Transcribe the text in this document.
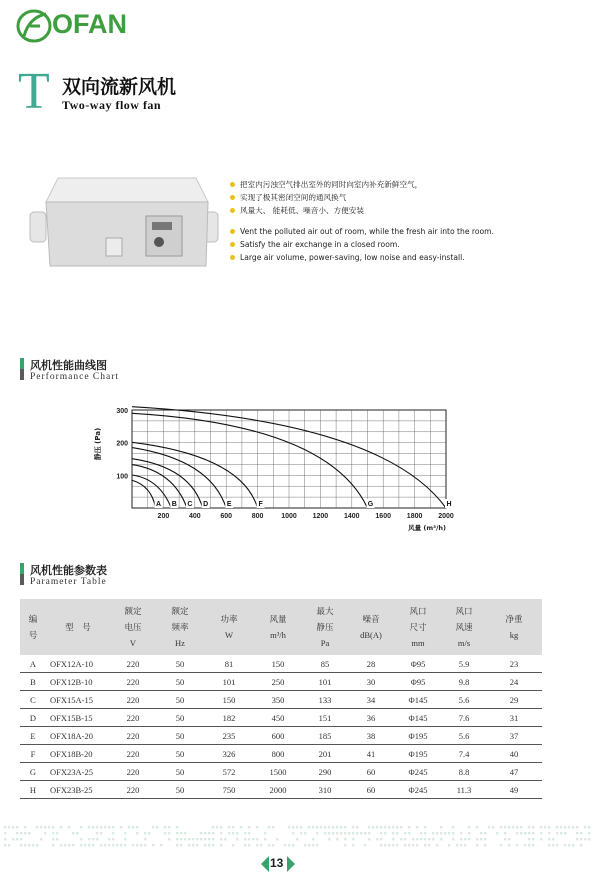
OFAN
T 双向流新风机
Two-way flow fan
把室内污浊空气排出室外的同时向室内补充新鲜空气，
实现了极其密闭空间的通风换气
风量大、 能耗低、噪音小、方便安装
Vent the polluted air out of room, while the fresh air into the room.
Satisfy the air exchange in a closed room.
Large air volume, power-saving, low noise and easy-install.
风机性能曲线图
Performance Chart
100
200
300
200	400	600	800	1000 1200 1400 1600 1800 2000
静压 (Pa)
风量 (m³/h)
A B C D	E	F	G	H
风机性能参数表
Parameter Table
编
号	型　号	额定
电压
V	额定
频率
Hz	功率
W	风量
m³/h	最大
静压
Pa	噪音
dB(A)	风口
尺寸
mm	风口
风速
m/s	净重
kg

A	OFX12A-10	220	50	81	150	85	28	Φ95	5.9	23
B	OFX12B-10	220	50	101	250	101	30	Φ95	9.8	24
C	OFX15A-15	220	50	150	350	133	34	Φ145	5.6	29
D	OFX15B-15	220	50	182	450	151	36	Φ145	7.6	31
E	OFX18A-20	220	50	235	600	185	38	Φ195	5.6	37
F	OFX18B-20	220	50	326	800	201	41	Φ195	7.4	40
G	OFX23A-25	220	50	572	1500	290	60	Φ245	8.8	47
H	OFX23B-25	220	50	750	2000	310	60	Φ245	11.3	49
13
